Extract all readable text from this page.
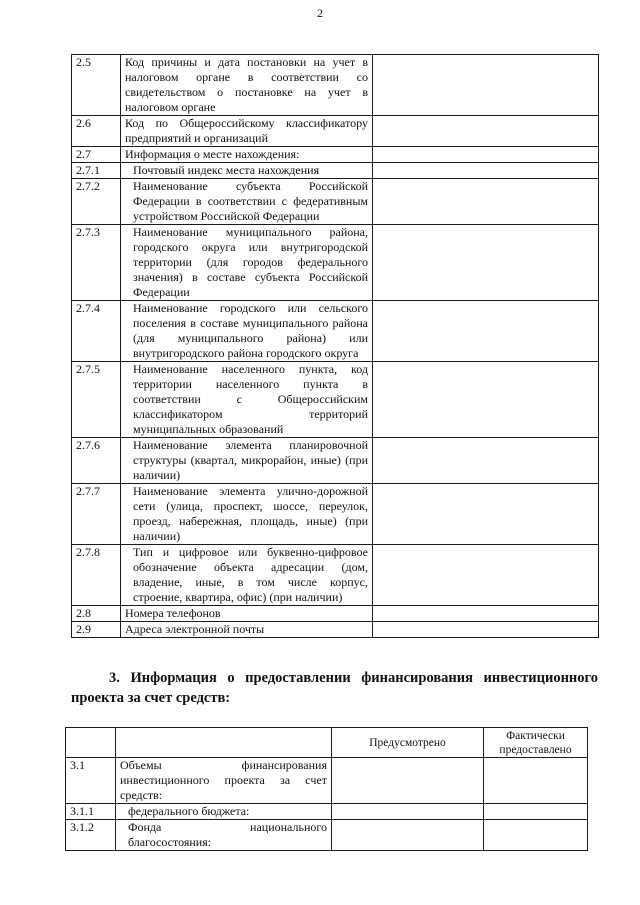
2
2.5	Код причины и дата постановки на учет в налоговом органе в соответствии со свидетельством о постановке на учет в налоговом органе	
2.6	Код по Общероссийскому классификатору предприятий и организаций	
2.7	Информация о месте нахождения:	
2.7.1	Почтовый индекс места нахождения	
2.7.2	Наименование субъекта Российской Федерации в соответствии с федеративным устройством Российской Федерации	
2.7.3	Наименование муниципального района, городского округа или внутригородской территории (для городов федерального значения) в составе субъекта Российской Федерации	
2.7.4	Наименование городского или сельского поселения в составе муниципального района (для муниципального района) или внутригородского района городского округа	
2.7.5	Наименование населенного пункта, код территории населенного пункта в соответствии с Общероссийским классификатором территорий муниципальных образований	
2.7.6	Наименование элемента планировочной структуры (квартал, микрорайон, иные) (при наличии)	
2.7.7	Наименование элемента улично-дорожной сети (улица, проспект, шоссе, переулок, проезд, набережная, площадь, иные) (при наличии)	
2.7.8	Тип и цифровое или буквенно-цифровое обозначение объекта адресации (дом, владение, иные, в том числе корпус, строение, квартира, офис) (при наличии)	
2.8	Номера телефонов	
2.9	Адреса электронной почты	

3. Информация о предоставлении финансирования инвестиционного проекта за счет средств:

		Предусмотрено	Фактически предоставлено
3.1	Объемы финансирования инвестиционного проекта за счет средств:		
3.1.1	федерального бюджета:		
3.1.2	Фонда национального благосостояния:		
